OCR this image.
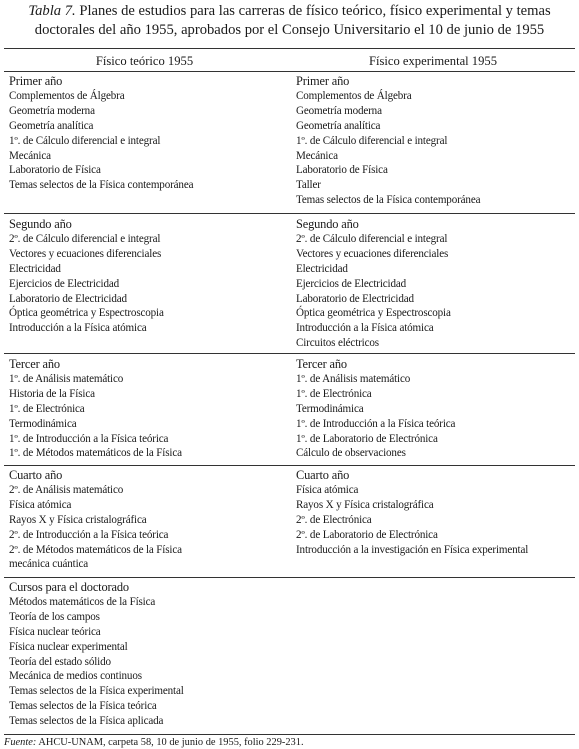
Tabla 7. Planes de estudios para las carreras de físico teórico, físico experimental y temas doctorales del año 1955, aprobados por el Consejo Universitario el 10 de junio de 1955
Físico teórico 1955	Físico experimental 1955
Primer año
Complementos de Álgebra
Geometría moderna
Geometría analítica
1º. de Cálculo diferencial e integral
Mecánica
Laboratorio de Física
Temas selectos de la Física contemporánea
Primer año
Complementos de Álgebra
Geometría moderna
Geometría analítica
1º. de Cálculo diferencial e integral
Mecánica
Laboratorio de Física
Taller
Temas selectos de la Física contemporánea
Segundo año
2º. de Cálculo diferencial e integral
Vectores y ecuaciones diferenciales
Electricidad
Ejercicios de Electricidad
Laboratorio de Electricidad
Óptica geométrica y Espectroscopia
Introducción a la Física atómica
Segundo año
2º. de Cálculo diferencial e integral
Vectores y ecuaciones diferenciales
Electricidad
Ejercicios de Electricidad
Laboratorio de Electricidad
Óptica geométrica y Espectroscopia
Introducción a la Física atómica
Circuitos eléctricos
Tercer año
1º. de Análisis matemático
Historia de la Física
1º. de Electrónica
Termodinámica
1º. de Introducción a la Física teórica
1º. de Métodos matemáticos de la Física
Tercer año
1º. de Análisis matemático
1º. de Electrónica
Termodinámica
1º. de Introducción a la Física teórica
1º. de Laboratorio de Electrónica
Cálculo de observaciones
Cuarto año
2º. de Análisis matemático
Física atómica
Rayos X y Física cristalográfica
2º. de Introducción a la Física teórica
2º. de Métodos matemáticos de la Física
mecánica cuántica
Cuarto año
Física atómica
Rayos X y Física cristalográfica
2º. de Electrónica
2º. de Laboratorio de Electrónica
Introducción a la investigación en Física experimental
Cursos para el doctorado
Métodos matemáticos de la Física
Teoría de los campos
Física nuclear teórica
Física nuclear experimental
Teoría del estado sólido
Mecánica de medios continuos
Temas selectos de la Física experimental
Temas selectos de la Física teórica
Temas selectos de la Física aplicada
Fuente: AHCU-UNAM, carpeta 58, 10 de junio de 1955, folio 229-231.
